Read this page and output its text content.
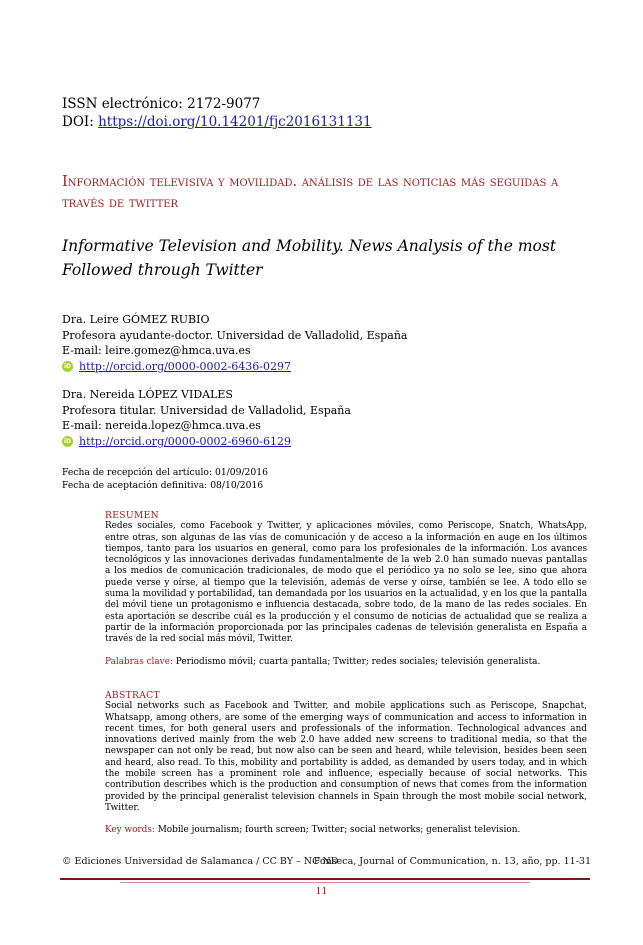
ISSN electrónico: 2172-9077
DOI: https://doi.org/10.14201/fjc2016131131
Información televisiva y movilidad. análisis de las noticias más seguidas a través de twitter
Informative Television and Mobility. News Analysis of the most Followed through Twitter
Dra. Leire GÓMEZ RUBIO
Profesora ayudante-doctor. Universidad de Valladolid, España
E-mail: leire.gomez@hmca.uva.es
iD http://orcid.org/0000-0002-6436-0297
Dra. Nereida LÓPEZ VIDALES
Profesora titular. Universidad de Valladolid, España
E-mail: nereida.lopez@hmca.uva.es
iD http://orcid.org/0000-0002-6960-6129
Fecha de recepción del artículo: 01/09/2016
Fecha de aceptación definitiva: 08/10/2016
RESUMEN
Redes sociales, como Facebook y Twitter, y aplicaciones móviles, como Periscope, Snatch, WhatsApp, entre otras, son algunas de las vías de comunicación y de acceso a la información en auge en los últimos tiempos, tanto para los usuarios en general, como para los profesionales de la información. Los avances tecnológicos y las innovaciones derivadas fundamentalmente de la web 2.0 han sumado nuevas pantallas a los medios de comunicación tradicionales, de modo que el periódico ya no solo se lee, sino que ahora puede verse y oírse, al tiempo que la televisión, además de verse y oírse, también se lee. A todo ello se suma la movilidad y portabilidad, tan demandada por los usuarios en la actualidad, y en los que la pantalla del móvil tiene un protagonismo e influencia destacada, sobre todo, de la mano de las redes sociales. En esta aportación se describe cuál es la producción y el consumo de noticias de actualidad que se realiza a partir de la información proporcionada por las principales cadenas de televisión generalista en España a través de la red social más móvil, Twitter.
Palabras clave: Periodismo móvil; cuarta pantalla; Twitter; redes sociales; televisión generalista.
ABSTRACT
Social networks such as Facebook and Twitter, and mobile applications such as Periscope, Snapchat, Whatsapp, among others, are some of the emerging ways of communication and access to information in recent times, for both general users and professionals of the information. Technological advances and innovations derived mainly from the web 2.0 have added new screens to traditional media, so that the newspaper can not only be read, but now also can be seen and heard, while television, besides been seen and heard, also read. To this, mobility and portability is added, as demanded by users today, and in which the mobile screen has a prominent role and influence, especially because of social networks. This contribution describes which is the production and consumption of news that comes from the information provided by the principal generalist television channels in Spain through the most mobile social network, Twitter.
Key words: Mobile journalism; fourth screen; Twitter; social networks; generalist television.
© Ediciones Universidad de Salamanca / CC BY – NC ND
Fonseca, Journal of Communication, n. 13, año, pp. 11-31
11
